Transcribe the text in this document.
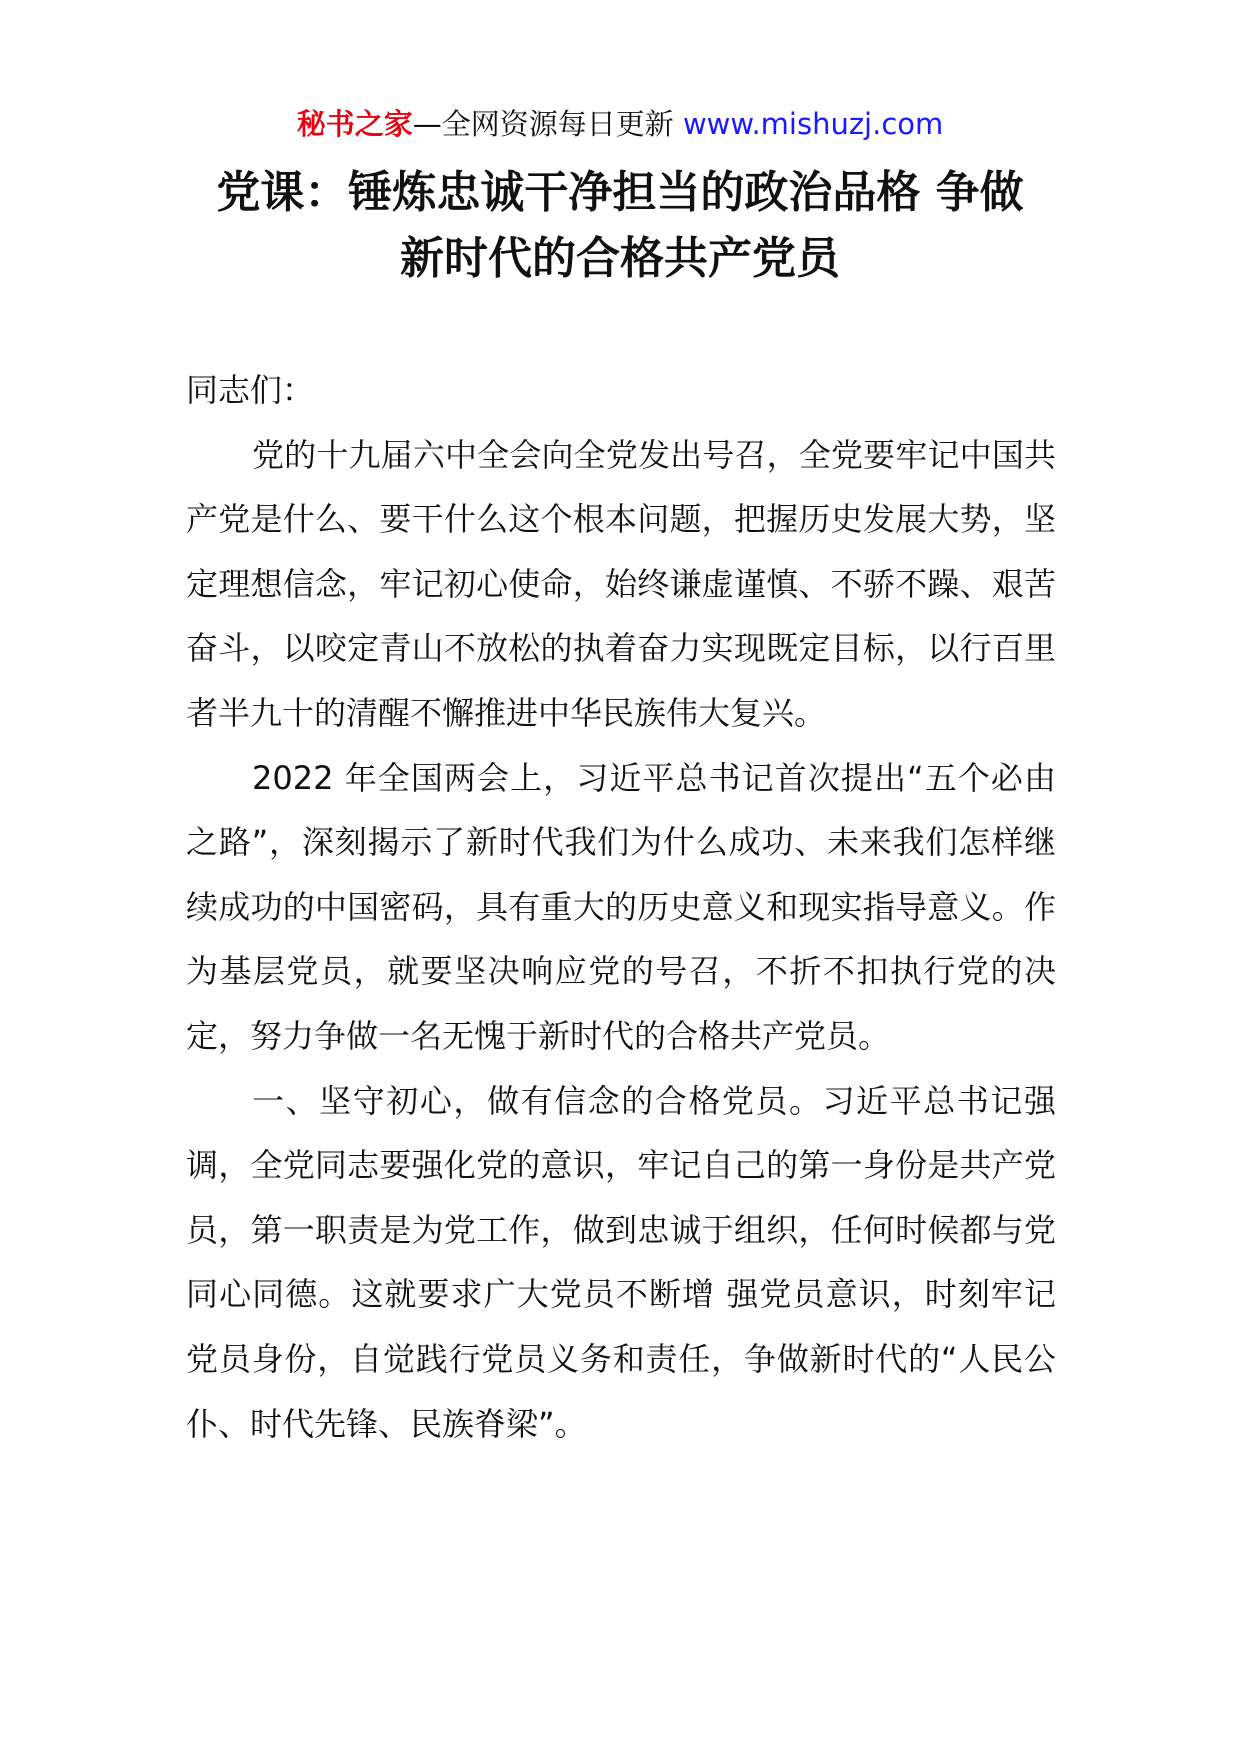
秘书之家—全网资源每日更新 www.mishuzj.com
党课：锤炼忠诚干净担当的政治品格 争做
新时代的合格共产党员

同志们：

党的十九届六中全会向全党发出号召，全党要牢记中国共产党是什么、要干什么这个根本问题，把握历史发展大势，坚定理想信念，牢记初心使命，始终谦虚谨慎、不骄不躁、艰苦奋斗，以咬定青山不放松的执着奋力实现既定目标，以行百里者半九十的清醒不懈推进中华民族伟大复兴。

2022 年全国两会上，习近平总书记首次提出“五个必由之路”，深刻揭示了新时代我们为什么成功、未来我们怎样继续成功的中国密码，具有重大的历史意义和现实指导意义。作为基层党员，就要坚决响应党的号召，不折不扣执行党的决定，努力争做一名无愧于新时代的合格共产党员。

一、坚守初心，做有信念的合格党员。习近平总书记强调，全党同志要强化党的意识，牢记自己的第一身份是共产党员，第一职责是为党工作，做到忠诚于组织，任何时候都与党同心同德。这就要求广大党员不断增 强党员意识，时刻牢记党员身份，自觉践行党员义务和责任，争做新时代的“人民公仆、时代先锋、民族脊梁”。
